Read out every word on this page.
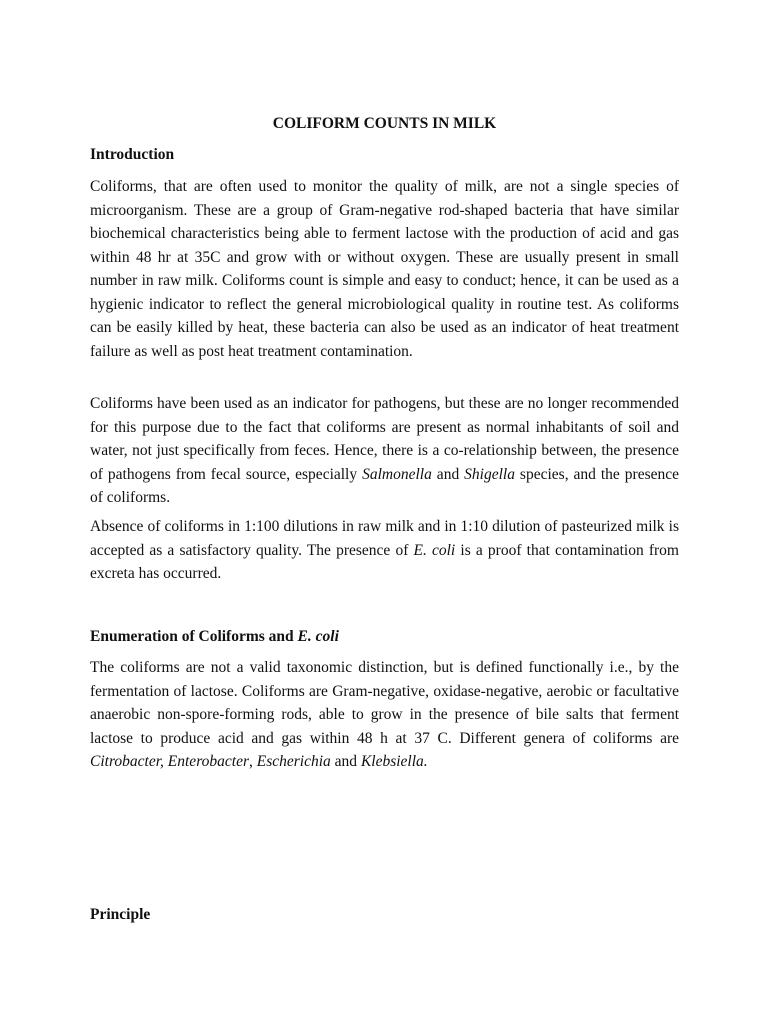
COLIFORM COUNTS IN MILK
Introduction

Coliforms, that are often used to monitor the quality of milk, are not a single species of microorganism. These are a group of Gram-negative rod-shaped bacteria that have similar biochemical characteristics being able to ferment lactose with the production of acid and gas within 48 hr at 35C and grow with or without oxygen. These are usually present in small number in raw milk. Coliforms count is simple and easy to conduct; hence, it can be used as a hygienic indicator to reflect the general microbiological quality in routine test. As coliforms can be easily killed by heat, these bacteria can also be used as an indicator of heat treatment failure as well as post heat treatment contamination.

Coliforms have been used as an indicator for pathogens, but these are no longer recommended for this purpose due to the fact that coliforms are present as normal inhabitants of soil and water, not just specifically from feces. Hence, there is a co-relationship between, the presence of pathogens from fecal source, especially Salmonella and Shigella species, and the presence of coliforms.

Absence of coliforms in 1:100 dilutions in raw milk and in 1:10 dilution of pasteurized milk is accepted as a satisfactory quality. The presence of E. coli is a proof that contamination from excreta has occurred.

Enumeration of Coliforms and E. coli

The coliforms are not a valid taxonomic distinction, but is defined functionally i.e., by the fermentation of lactose. Coliforms are Gram-negative, oxidase-negative, aerobic or facultative anaerobic non-spore-forming rods, able to grow in the presence of bile salts that ferment lactose to produce acid and gas within 48 h at 37 C. Different genera of coliforms are Citrobacter, Enterobacter, Escherichia and Klebsiella.

Principle
